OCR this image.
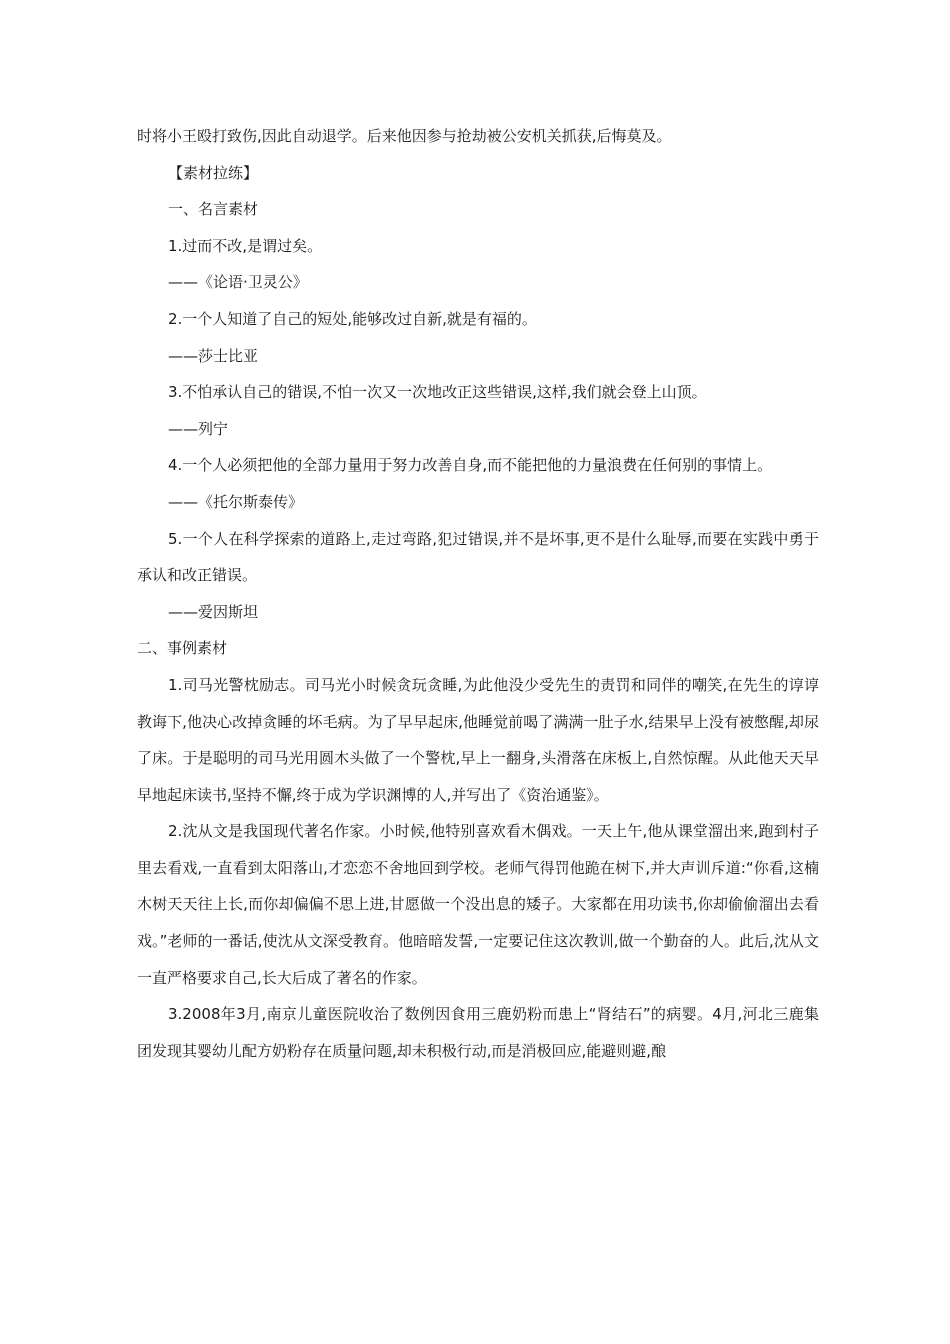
时将小王殴打致伤,因此自动退学。后来他因参与抢劫被公安机关抓获,后悔莫及。

【素材拉练】

一、名言素材

1.过而不改,是谓过矣。

——《论语·卫灵公》

2.一个人知道了自己的短处,能够改过自新,就是有福的。

——莎士比亚

3.不怕承认自己的错误,不怕一次又一次地改正这些错误,这样,我们就会登上山顶。

——列宁

4.一个人必须把他的全部力量用于努力改善自身,而不能把他的力量浪费在任何别的事情上。

——《托尔斯泰传》

5.一个人在科学探索的道路上,走过弯路,犯过错误,并不是坏事,更不是什么耻辱,而要在实践中勇于承认和改正错误。

——爱因斯坦

二、事例素材

1.司马光警枕励志。司马光小时候贪玩贪睡,为此他没少受先生的责罚和同伴的嘲笑,在先生的谆谆教诲下,他决心改掉贪睡的坏毛病。为了早早起床,他睡觉前喝了满满一肚子水,结果早上没有被憋醒,却尿了床。于是聪明的司马光用圆木头做了一个警枕,早上一翻身,头滑落在床板上,自然惊醒。从此他天天早早地起床读书,坚持不懈,终于成为学识渊博的人,并写出了《资治通鉴》。

2.沈从文是我国现代著名作家。小时候,他特别喜欢看木偶戏。一天上午,他从课堂溜出来,跑到村子里去看戏,一直看到太阳落山,才恋恋不舍地回到学校。老师气得罚他跪在树下,并大声训斥道:“你看,这楠木树天天往上长,而你却偏偏不思上进,甘愿做一个没出息的矮子。大家都在用功读书,你却偷偷溜出去看戏。”老师的一番话,使沈从文深受教育。他暗暗发誓,一定要记住这次教训,做一个勤奋的人。此后,沈从文一直严格要求自己,长大后成了著名的作家。

3.2008年3月,南京儿童医院收治了数例因食用三鹿奶粉而患上“肾结石”的病婴。4月,河北三鹿集团发现其婴幼儿配方奶粉存在质量问题,却未积极行动,而是消极回应,能避则避,酿
